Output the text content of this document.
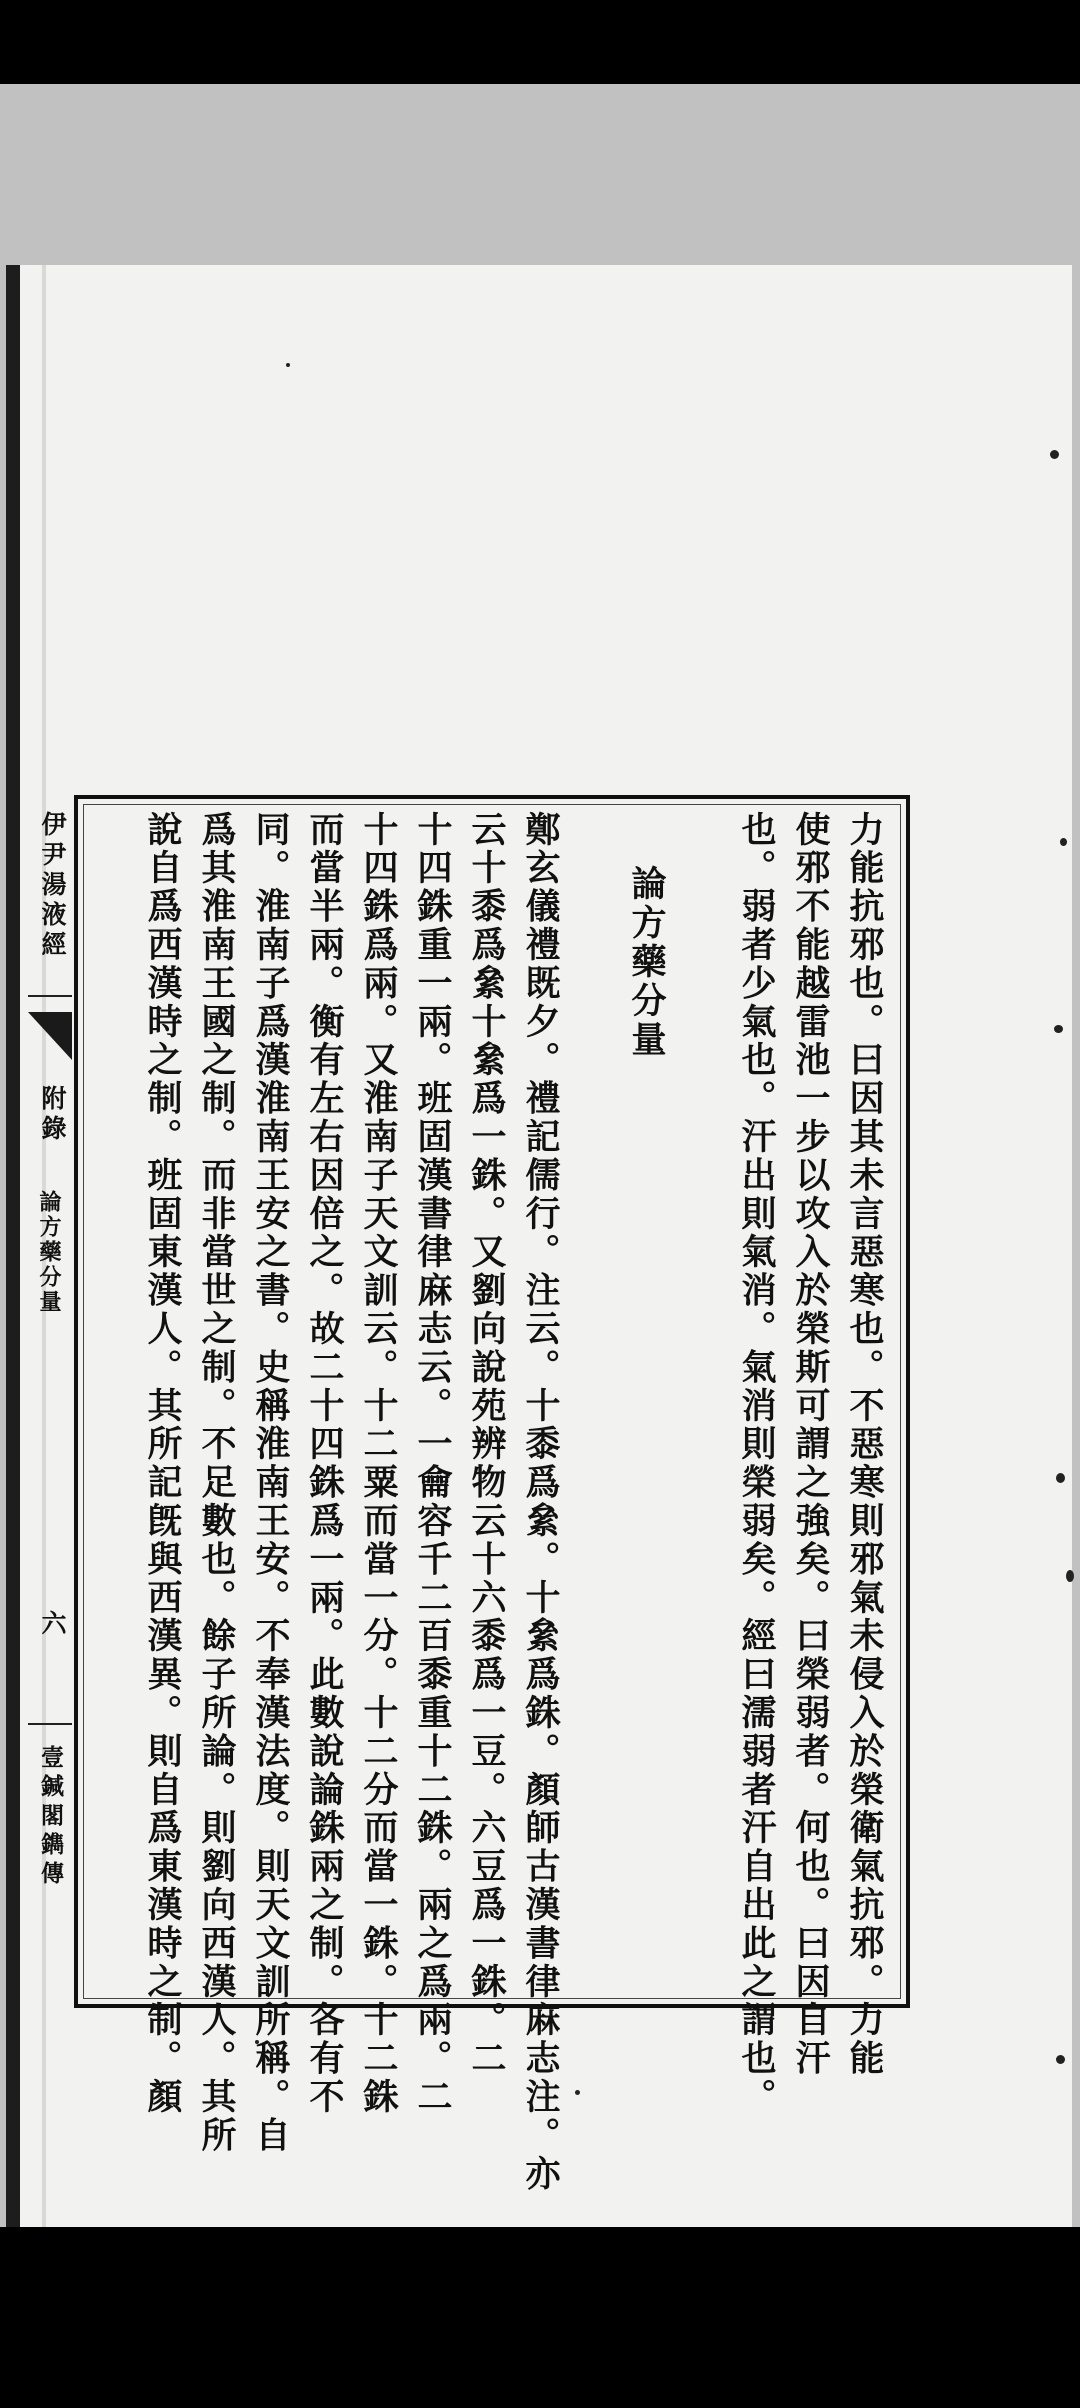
伊尹湯液經
附錄
論方藥分量
六
壹鍼閣鐫傳	力能抗邪也。曰因其未言惡寒也。不惡寒則邪氣未侵入於榮衛氣抗邪。力能
使邪不能越雷池一步以攻入於榮斯可謂之強矣。曰榮弱者。何也。曰因自汗
也。弱者少氣也。汗出則氣消。氣消則榮弱矣。經曰濡弱者汗自出此之謂也。
論方藥分量
鄭玄儀禮既夕。禮記儒行。注云。十黍爲絫。十絫爲銖。顏師古漢書律麻志注。亦
云十黍爲絫十絫爲一銖。又劉向說苑辨物云十六黍爲一豆。六豆爲一銖。二
十四銖重一兩。班固漢書律麻志云。一龠容千二百黍重十二銖。兩之爲兩。二
十四銖爲兩。又淮南子天文訓云。十二粟而當一分。十二分而當一銖。十二銖
而當半兩。衡有左右因倍之。故二十四銖爲一兩。此數說論銖兩之制。各有不
同。淮南子爲漢淮南王安之書。史稱淮南王安。不奉漢法度。則天文訓所稱。自
爲其淮南王國之制。而非當世之制。不足數也。餘子所論。則劉向西漢人。其所
說自爲西漢時之制。班固東漢人。其所記旣與西漢異。則自爲東漢時之制。顏
